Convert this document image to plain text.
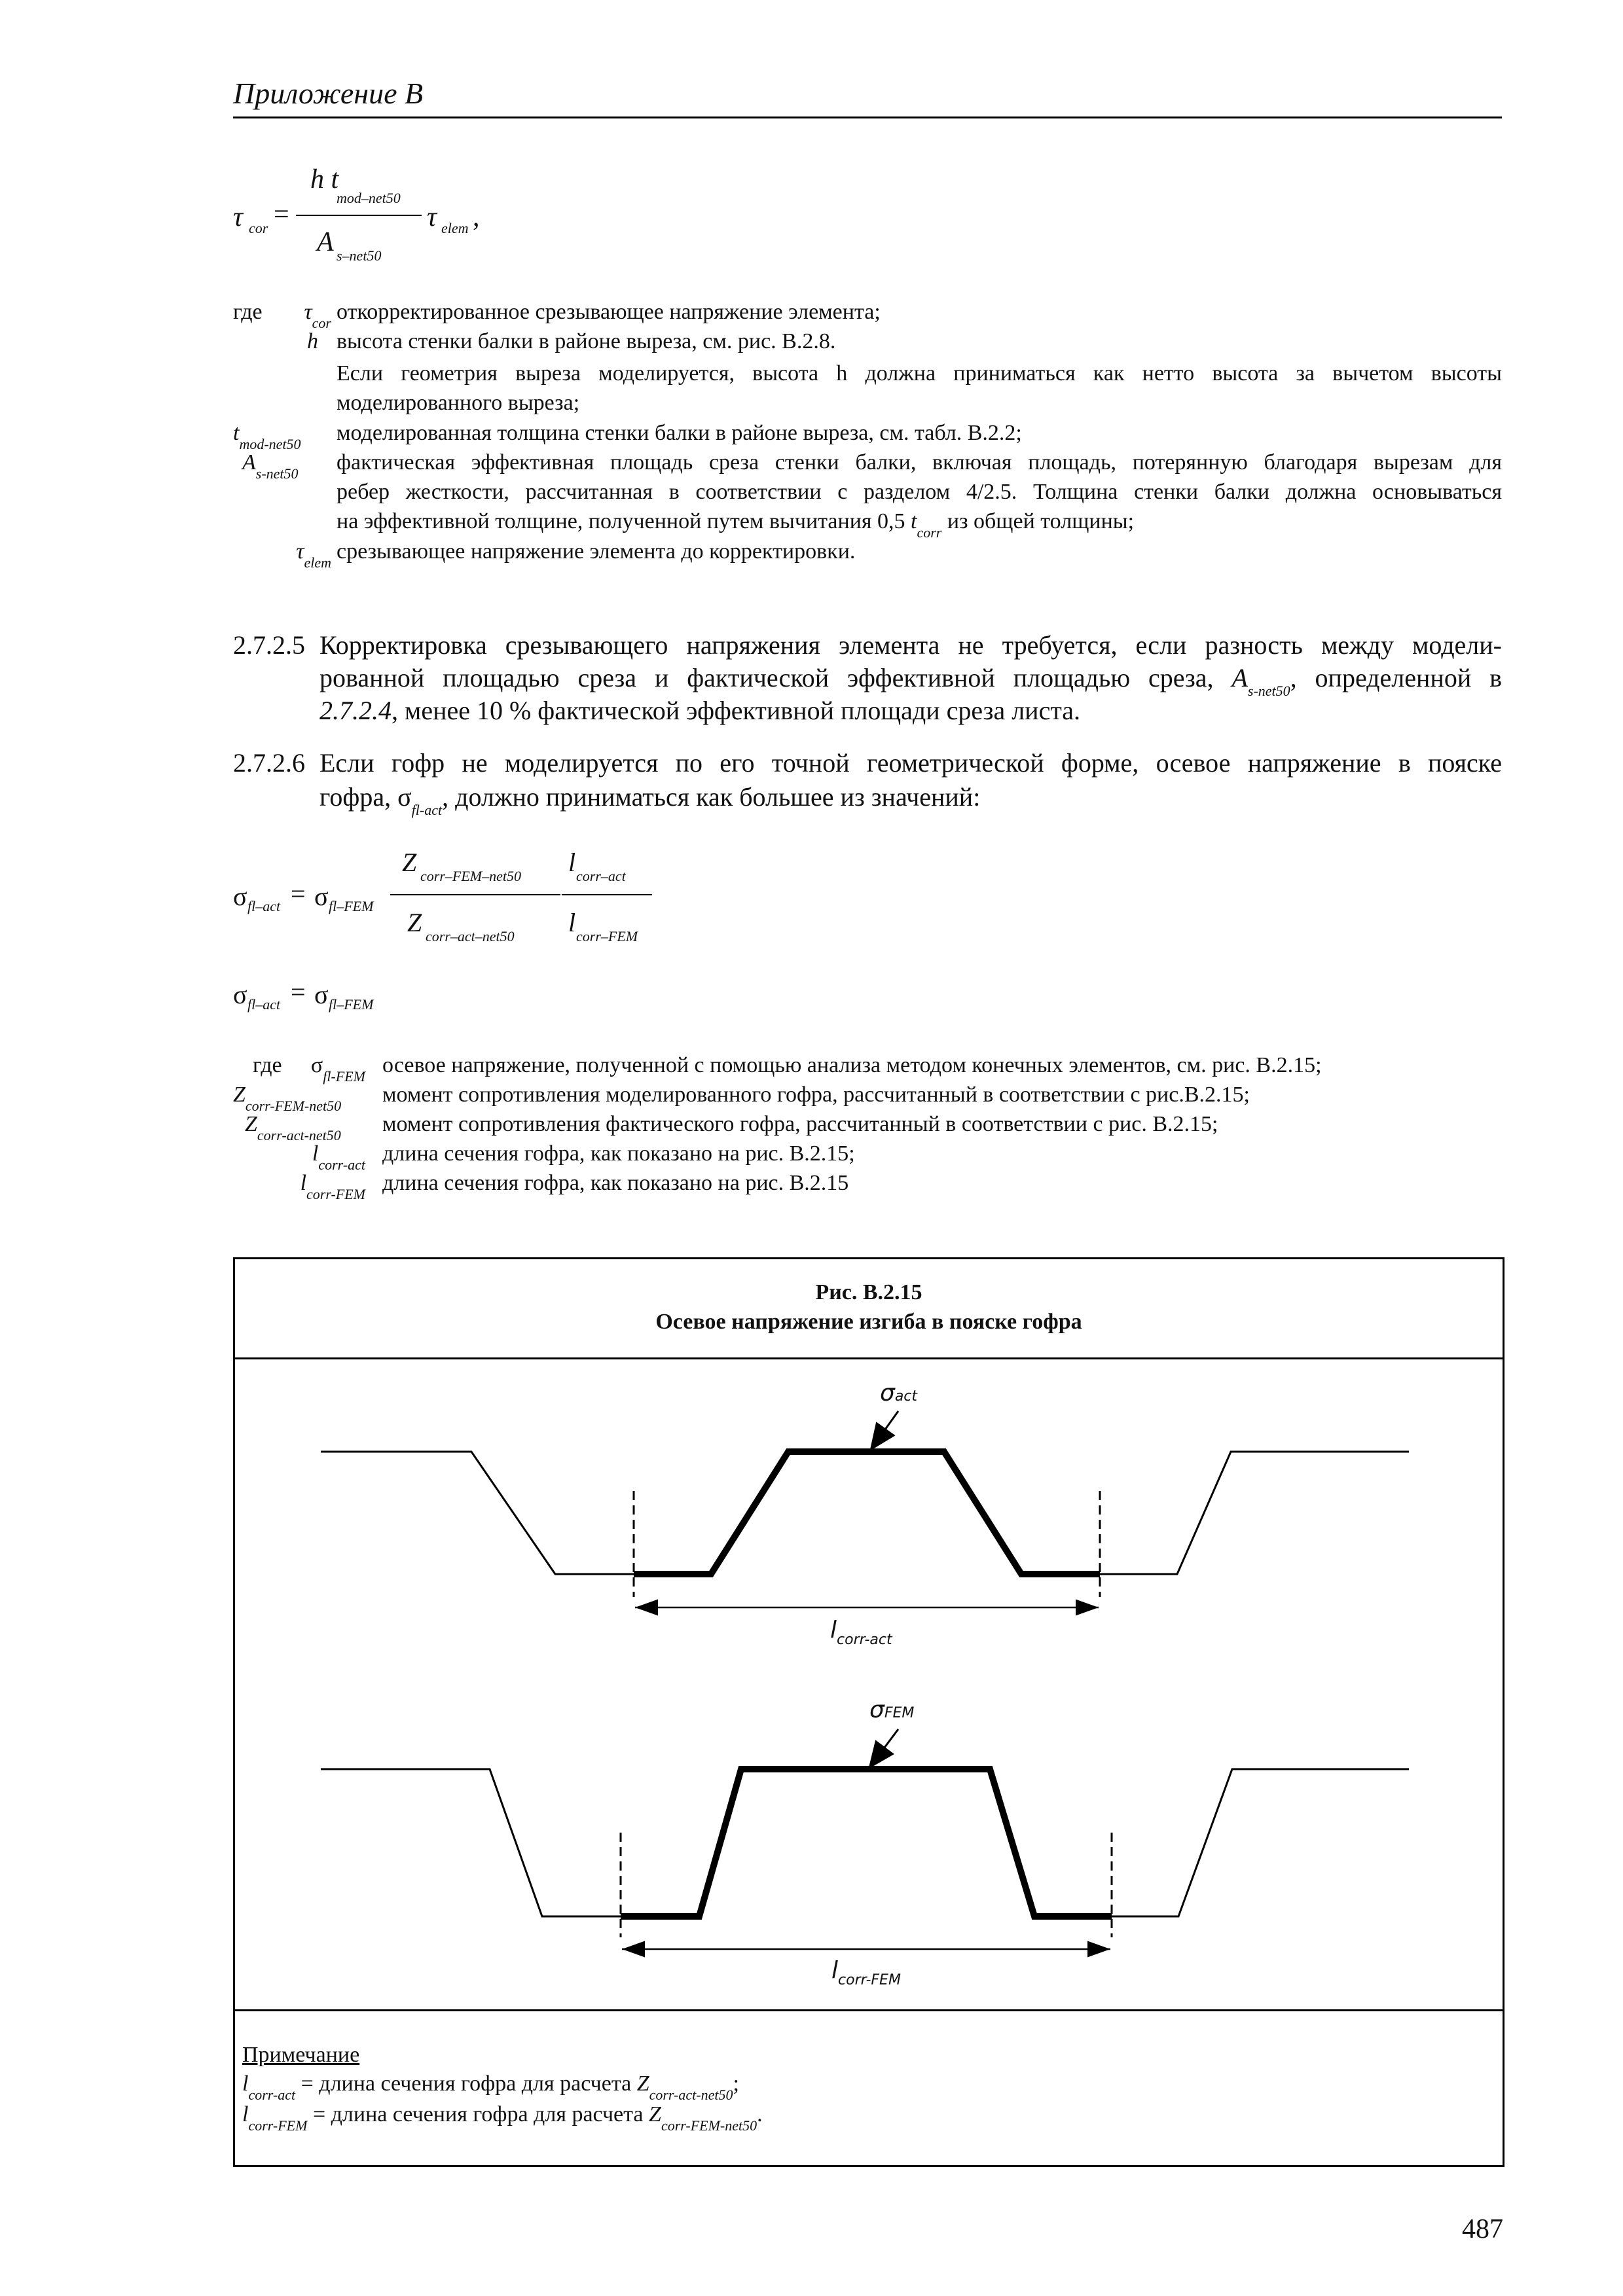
Приложение B
τ cor =
h t
mod–net50
A s–net50
τ elem ,
где	$\tau_{cor}$ откорректированное срезывающее напряжение элемента;
h высота стенки балки в районе выреза, см. рис. B.2.8.
Если геометрия выреза моделируется, высота h должна приниматься как нетто высота за вычетом высоты
моделированного выреза;
$t_{mod-net50}$	моделированная толщина стенки балки в районе выреза, см. табл. B.2.2;
$A_{s-net50}$	фактическая эффективная площадь среза стенки балки, включая площадь, потерянную благодаря вырезам для
ребер жесткости, рассчитанная в соответствии с разделом 4/2.5. Толщина стенки балки должна основываться
на эффективной толщине, полученной путем вычитания 0,5 $t_{corr}$ из общей толщины;
$\tau_{elem}$ срезывающее напряжение элемента до корректировки.
2.7.2.5 Корректировка срезывающего напряжения элемента не требуется, если разность между модели-
рованной площадью среза и фактической эффективной площадью среза, $A_{s-net50}$, определенной в
2.7.2.4, менее 10 % фактической эффективной площади среза листа.
2.7.2.6 Если гофр не моделируется по его точной геометрической форме, осевое напряжение в пояске
гофра, $\sigma_{fl-act}$, должно приниматься как большее из значений:
σ fl–act = σ fl–FEM
Z corr–FEM–net50
Z corr–act–net50
l corr–act
l corr–FEM
σ fl–act = σ fl–FEM
где	$\sigma_{fl-FEM}$ осевое напряжение, полученной с помощью анализа методом конечных элементов, см. рис. B.2.15;
$Z_{corr-FEM-net50}$	момент сопротивления моделированного гофра, рассчитанный в соответствии с рис.B.2.15;
$Z_{corr-act-net50}$	момент сопротивления фактического гофра, рассчитанный в соответствии с рис. B.2.15;
$l_{corr-act}$ длина сечения гофра, как показано на рис. B.2.15;
$l_{corr-FEM}$ длина сечения гофра, как показано на рис. B.2.15
Рис. B.2.15
Осевое напряжение изгиба в пояске гофра
σact
$l_{corr-act}$
σFEM
$l_{corr-FEM}$
Примечание
$l_{corr-act}$ = длина сечения гофра для расчета $Z_{corr-act-net50}$;
$l_{corr-FEM}$ = длина сечения гофра для расчета $Z_{corr-FEM-net50}$.
487
